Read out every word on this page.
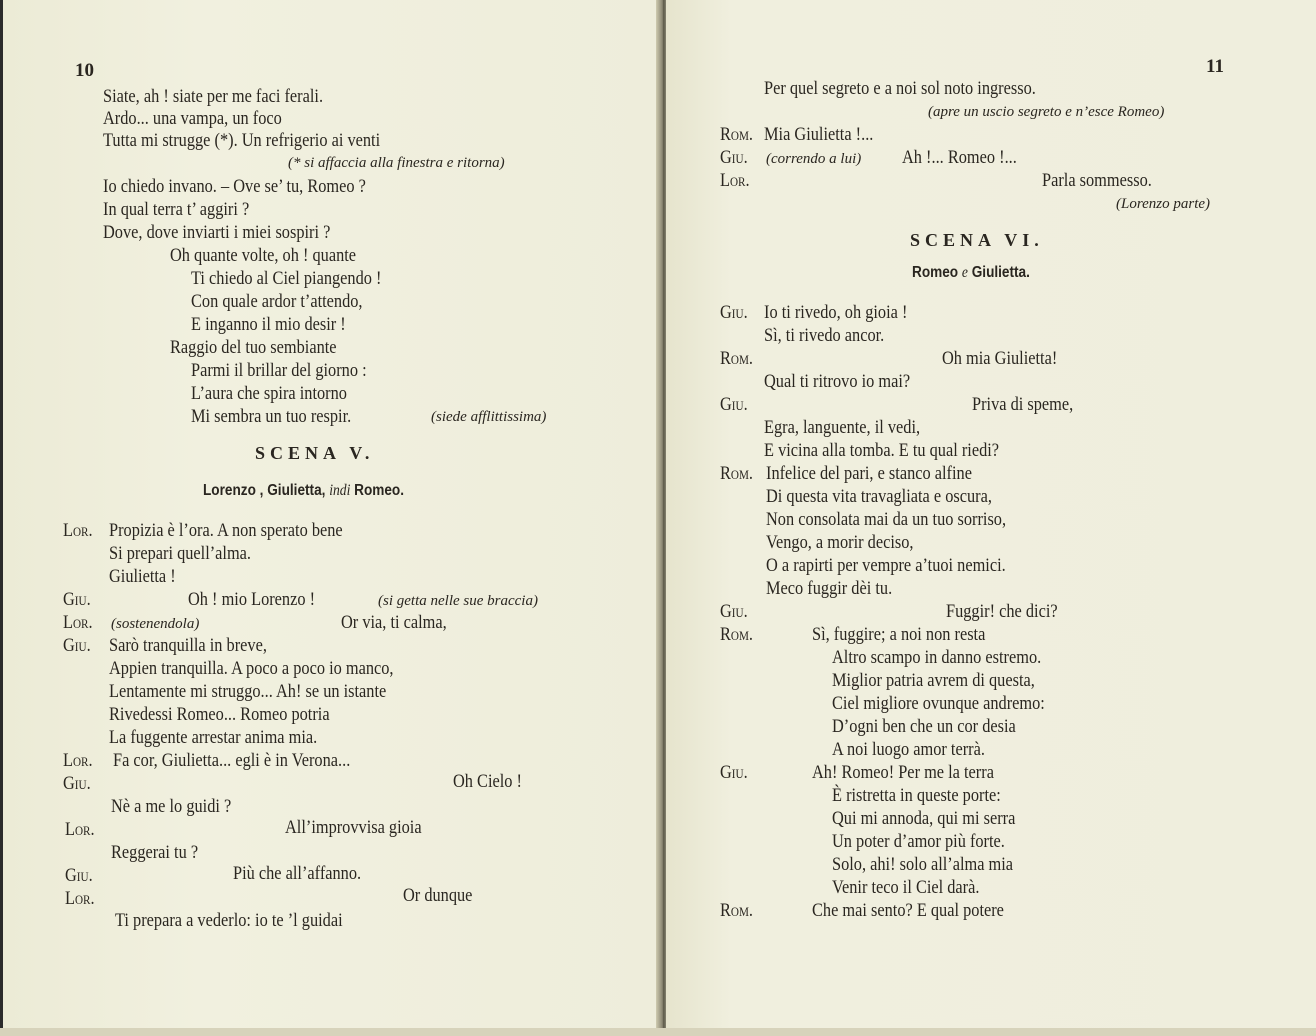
10
Siate, ah ! siate per me faci ferali.
Ardo... una vampa, un foco
Tutta mi strugge (*). Un refrigerio ai venti
(* si affaccia alla finestra e ritorna)
Io chiedo invano. – Ove se’ tu, Romeo ?
In qual terra t’ aggiri ?
Dove, dove inviarti i miei sospiri ?
Oh quante volte, oh ! quante
Ti chiedo al Ciel piangendo !
Con quale ardor t’attendo,
E inganno il mio desir !
Raggio del tuo sembiante
Parmi il brillar del giorno :
L’aura che spira intorno
Mi sembra un tuo respir.	(siede afflittissima)
SCENA V.
Lorenzo , Giulietta, indi Romeo.
Lor. Propizia è l’ora. A non sperato bene
Si prepari quell’alma.
Giulietta !
Giu.	Oh ! mio Lorenzo !	(si getta nelle sue braccia)
Lor. (sostenendola)	Or via, ti calma,
Giu. Sarò tranquilla in breve,
Appien tranquilla. A poco a poco io manco,
Lentamente mi struggo... Ah! se un istante
Rivedessi Romeo... Romeo potria
La fuggente arrestar anima mia.
Lor. Fa cor, Giulietta... egli è in Verona...
Giu.	Oh Cielo !
Nè a me lo guidi ?
Lor.	All’improvvisa gioia
Reggerai tu ?
Giu.	Più che all’affanno.
Lor.	Or dunque
Ti prepara a vederlo: io te ’l guidai
11
Per quel segreto e a noi sol noto ingresso.
(apre un uscio segreto e n’esce Romeo)
Rom. Mia Giulietta !...
Giu. (correndo a lui) Ah !... Romeo !...
Lor.	Parla sommesso.
(Lorenzo parte)
SCENA VI.
Romeo e Giulietta.
Giu. Io ti rivedo, oh gioia !
Sì, ti rivedo ancor.
Rom.	Oh mia Giulietta!
Qual ti ritrovo io mai?
Giu.	Priva di speme,
Egra, languente, il vedi,
E vicina alla tomba. E tu qual riedi?
Rom. Infelice del pari, e stanco alfine
Di questa vita travagliata e oscura,
Non consolata mai da un tuo sorriso,
Vengo, a morir deciso,
O a rapirti per vempre a’tuoi nemici.
Meco fuggir dèi tu.
Giu.	Fuggir! che dici?
Rom.	Sì, fuggire; a noi non resta
Altro scampo in danno estremo.
Miglior patria avrem di questa,
Ciel migliore ovunque andremo:
D’ogni ben che un cor desia
A noi luogo amor terrà.
Giu.	Ah! Romeo! Per me la terra
È ristretta in queste porte:
Qui mi annoda, qui mi serra
Un poter d’amor più forte.
Solo, ahi! solo all’alma mia
Venir teco il Ciel darà.
Rom.	Che mai sento? E qual potere
